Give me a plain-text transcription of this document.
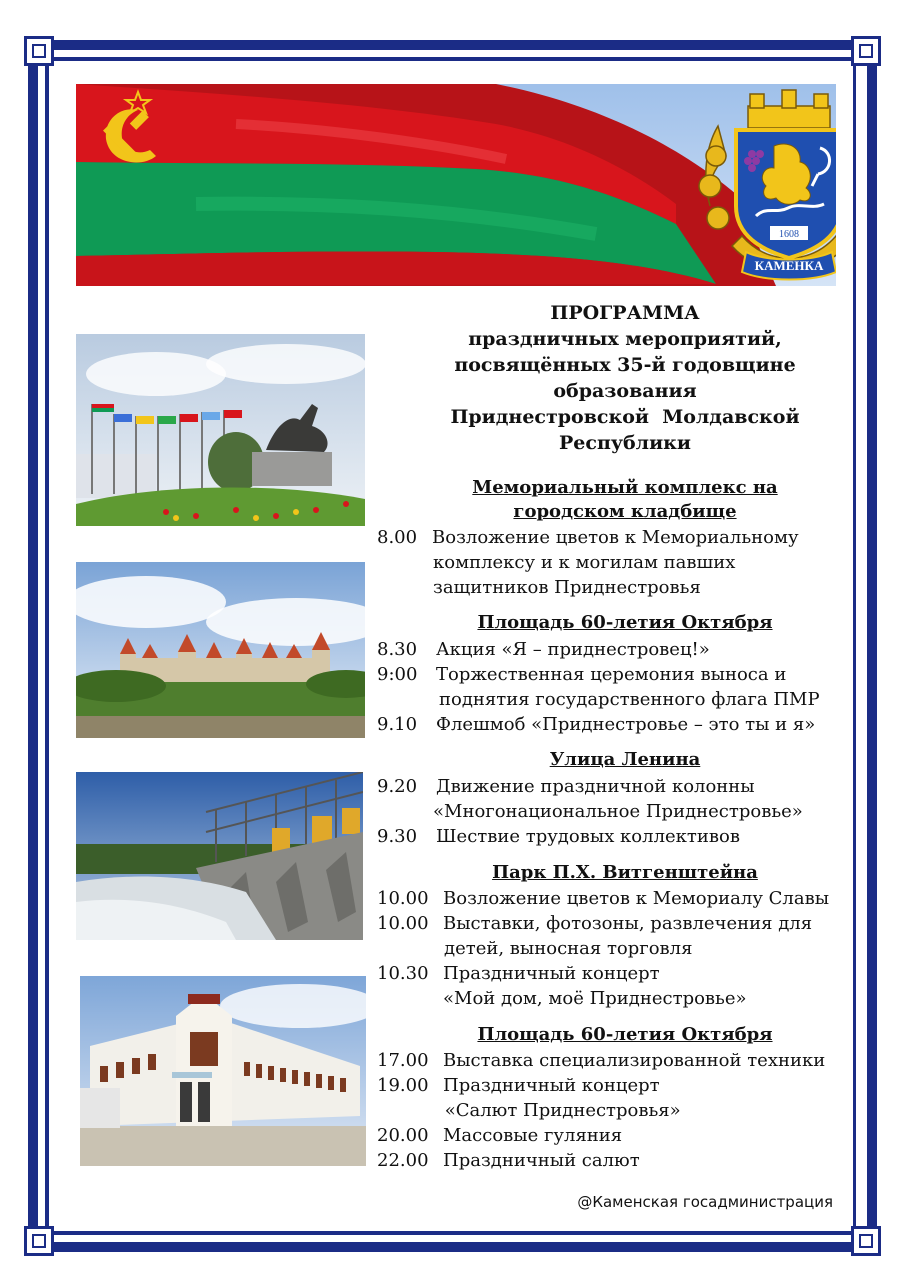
1608
КАМЕНКА
ПРОГРАММА
праздничных мероприятий,
посвящённых 35-й годовщине
образования
Приднестровской  Молдавской
Республики
Мемориальный комплекс на
городском кладбище
8.00 Возложение цветов к Мемориальному
комплексу и к могилам павших
защитников Приднестровья
Площадь 60-летия Октября
8.30 Акция «Я – приднестровец!»
9:00 Торжественная церемония выноса и
поднятия государственного флага ПМР
9.10 Флешмоб «Приднестровье – это ты и я»
Улица Ленина
9.20 Движение праздничной колонны
«Многонациональное Приднестровье»
9.30 Шествие трудовых коллективов
Парк П.Х. Витгенштейна
10.00 Возложение цветов к Мемориалу Славы
10.00 Выставки, фотозоны, развлечения для
детей, выносная торговля
10.30 Праздничный концерт
«Мой дом, моё Приднестровье»
Площадь 60-летия Октября
17.00 Выставка специализированной техники
19.00 Праздничный концерт
«Салют Приднестровья»
20.00 Массовые гуляния
22.00 Праздничный салют
@Каменская госадминистрация
